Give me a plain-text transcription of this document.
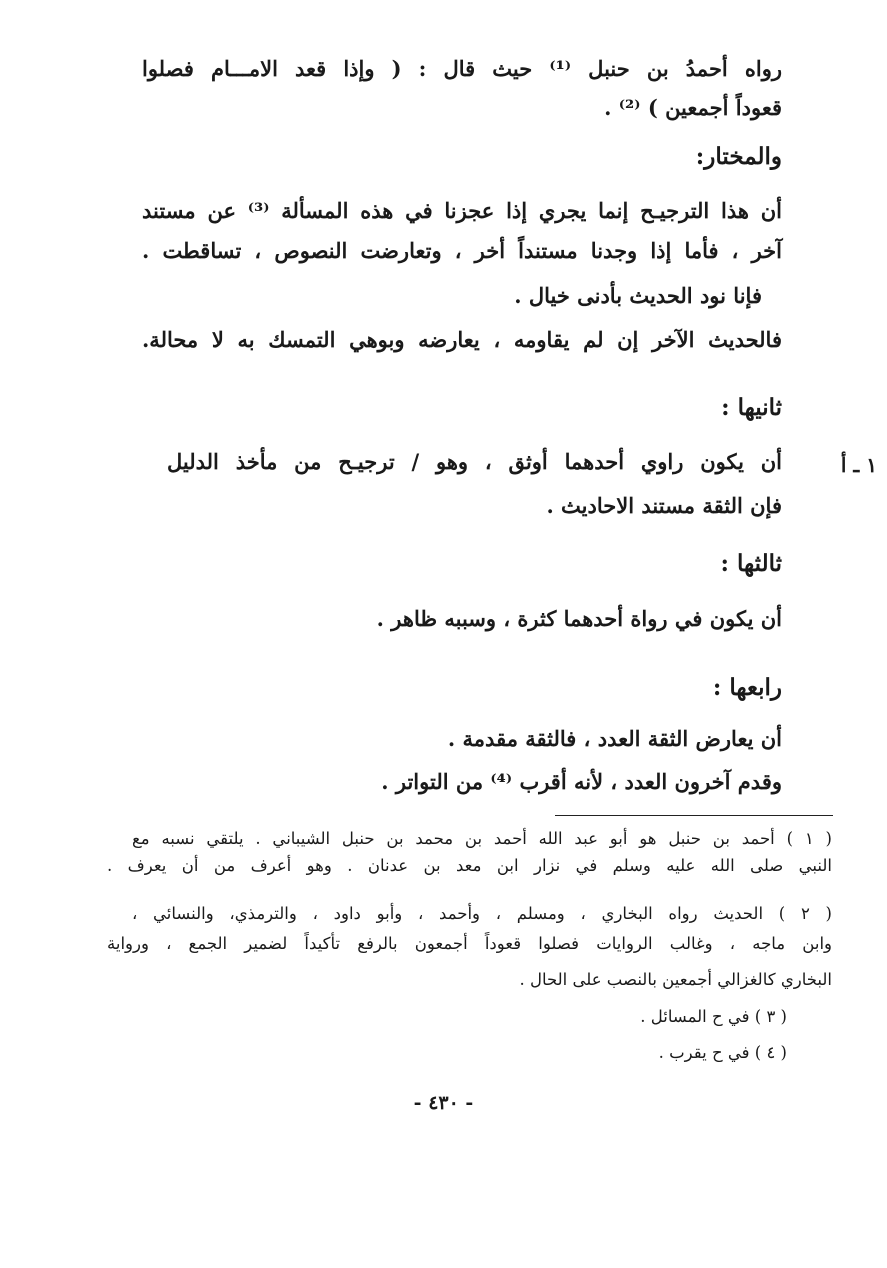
رواه أحمدُ بن حنبل ⁽¹⁾ حيث قال : ( وإذا قعد الامـــام فصلوا
قعوداً أجمعين ) ⁽²⁾ .
والمختار:
أن هذا الترجيـح إنما يجري إذا عجزنا في هذه المسألة ⁽³⁾ عن مستند
آخر ، فأما إذا وجدنا مستنداً أخر ، وتعارضت النصوص ، تساقطت .
فإنا نود الحديث بأدنى خيال .
فالحديث الآخر إن لم يقاومه ، يعارضه وبوهي التمسك به لا محالة.
ثانيها :
١ ـ أ
أن يكون راوي أحدهما أوثق ، وهو / ترجيـح من مأخذ الدليل
فإن الثقة مستند الاحاديث .
ثالثها :
أن يكون في رواة أحدهما كثرة ، وسببه ظاهر .
رابعها :
أن يعارض الثقة العدد ، فالثقة مقدمة .
وقدم آخرون العدد ، لأنه أقرب ⁽⁴⁾ من التواتر .
( ١ ) أحمد بن حنبل هو أبو عبد الله أحمد بن محمد بن حنبل الشيباني . يلتقي نسبه مع
النبي صلى الله عليه وسلم في نزار ابن معد بن عدنان . وهو أعرف من أن يعرف .
( ٢ ) الحديث رواه البخاري ، ومسلم ، وأحمد ، وأبو داود ، والترمذي، والنسائي ،
وابن ماجه ، وغالب الروايات فصلوا قعوداً أجمعون بالرفع تأكيداً لضمير الجمع ، ورواية
البخاري كالغزالي أجمعين بالنصب على الحال .
( ٣ ) في ح المسائل .
( ٤ ) في ح يقرب .
- ٤٣٠ -
